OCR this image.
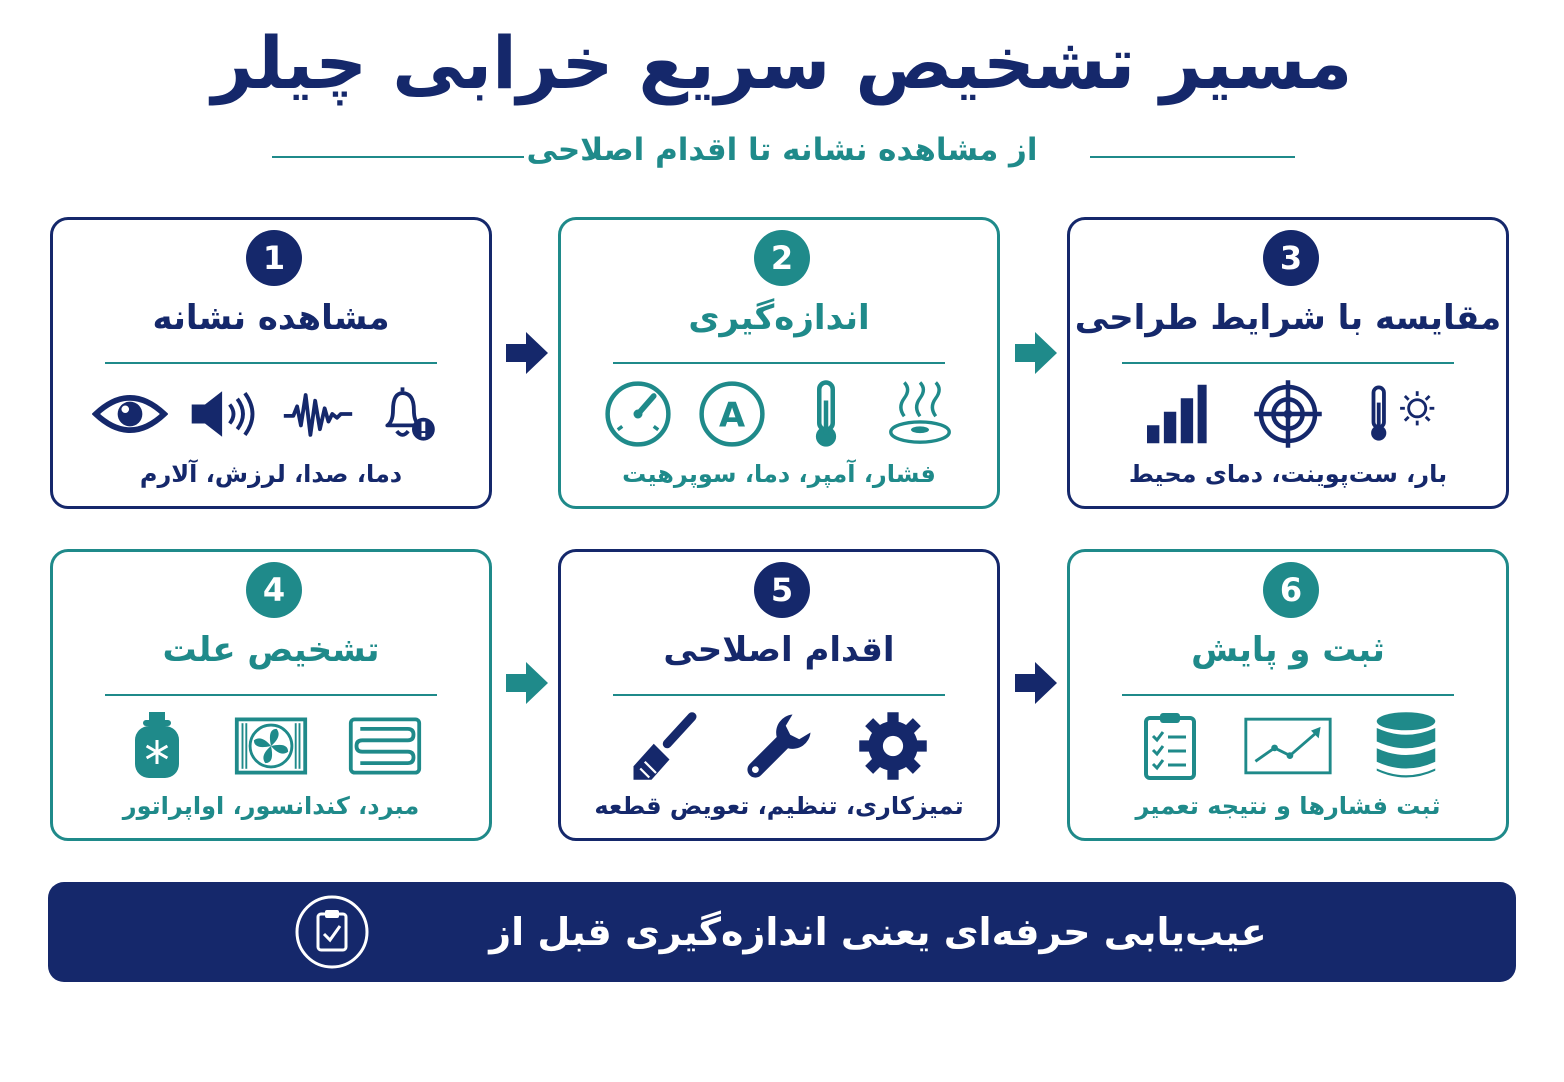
مسیر تشخیص سریع خرابی چیلر
از مشاهده نشانه تا اقدام اصلاحی
1
مشاهده نشانه
دما، صدا، لرزش، آلارم
2
اندازه‌گیری
A
فشار، آمپر، دما، سوپرهیت
3
مقایسه با شرایط طراحی
بار، ست‌پوینت، دمای محیط
4
تشخیص علت
مبرد، کندانسور، اواپراتور
5
اقدام اصلاحی
تمیزکاری، تنظیم، تعویض قطعه
6
ثبت و پایش
ثبت فشارها و نتیجه تعمیر
عیب‌یابی حرفه‌ای یعنی اندازه‌گیری قبل از تصمیم
